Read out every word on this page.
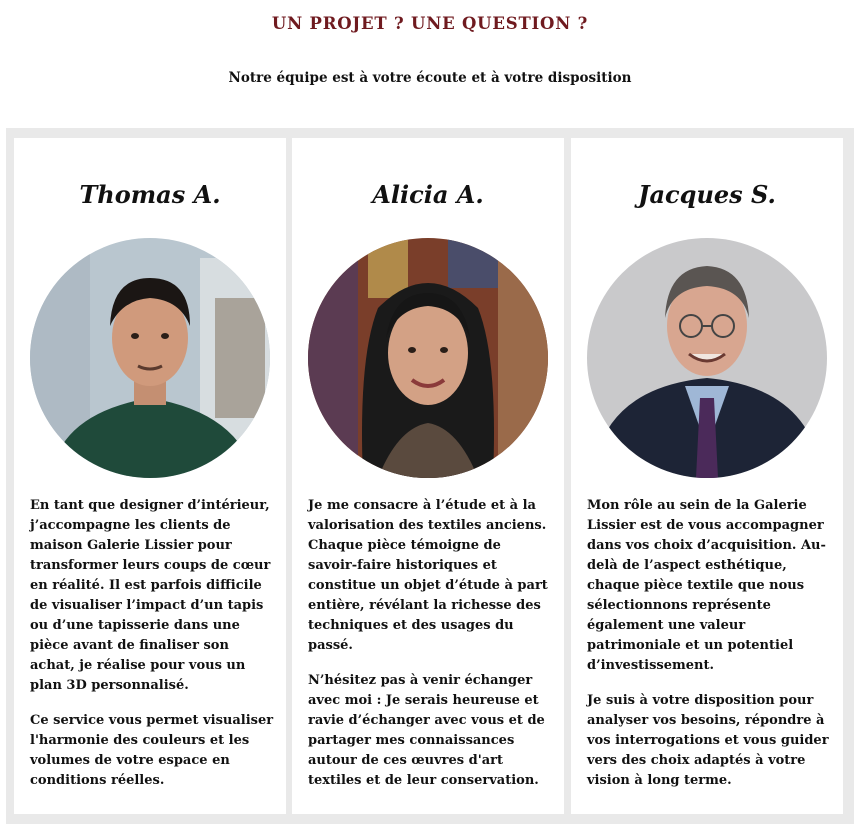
UN PROJET ? UNE QUESTION ?
Notre équipe est à votre écoute et à votre disposition
Thomas A.

En tant que designer d’intérieur, j’accompagne les clients de maison Galerie Lissier pour transformer leurs coups de cœur en réalité. Il est parfois difficile de visualiser l’impact d’un tapis ou d’une tapisserie dans une pièce avant de finaliser son achat, je réalise pour vous un plan 3D personnalisé.

Ce service vous permet visualiser l'harmonie des couleurs et les volumes de votre espace en conditions réelles.

Alicia A.

Je me consacre à l’étude et à la valorisation des textiles anciens. Chaque pièce témoigne de savoir-faire historiques et constitue un objet d’étude à part entière, révélant la richesse des techniques et des usages du passé.

N’hésitez pas à venir échanger avec moi : Je serais heureuse et ravie d’échanger avec vous et de partager mes connaissances autour de ces œuvres d'art textiles et de leur conservation.

Jacques S.

Mon rôle au sein de la Galerie Lissier est de vous accompagner dans vos choix d’acquisition. Au-delà de l’aspect esthétique, chaque pièce textile que nous sélectionnons représente également une valeur patrimoniale et un potentiel d’investissement.

Je suis à votre disposition pour analyser vos besoins, répondre à vos interrogations et vous guider vers des choix adaptés à votre vision à long terme.
